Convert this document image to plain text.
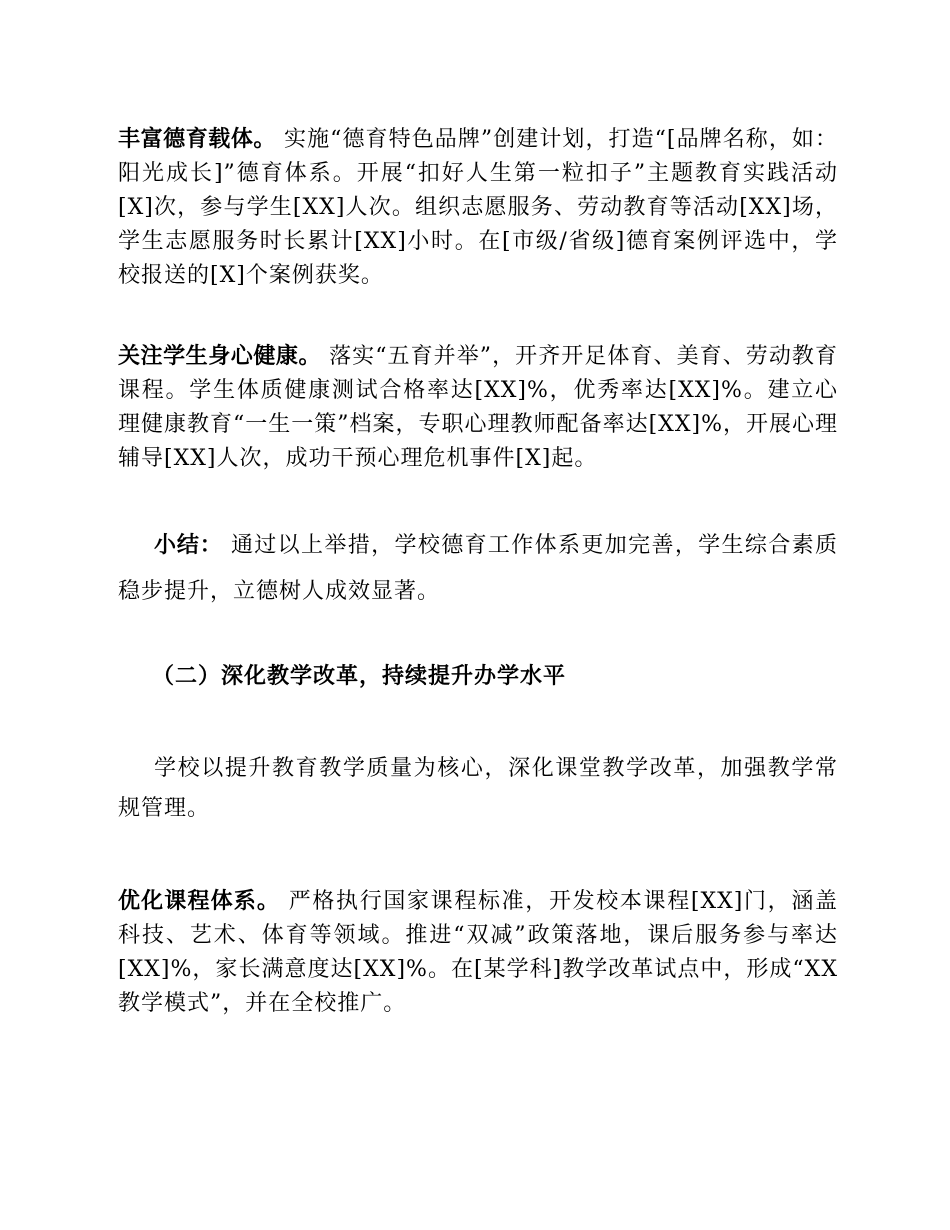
丰富德育载体。 实施“德育特色品牌”创建计划，打造“[品牌名称，如：阳光成长]”德育体系。开展“扣好人生第一粒扣子”主题教育实践活动[X]次，参与学生[XX]人次。组织志愿服务、劳动教育等活动[XX]场，学生志愿服务时长累计[XX]小时。在[市级/省级]德育案例评选中，学校报送的[X]个案例获奖。

关注学生身心健康。 落实“五育并举”，开齐开足体育、美育、劳动教育课程。学生体质健康测试合格率达[XX]%，优秀率达[XX]%。建立心理健康教育“一生一策”档案，专职心理教师配备率达[XX]%，开展心理辅导[XX]人次，成功干预心理危机事件[X]起。

小结： 通过以上举措，学校德育工作体系更加完善，学生综合素质稳步提升，立德树人成效显著。

（二）深化教学改革，持续提升办学水平

学校以提升教育教学质量为核心，深化课堂教学改革，加强教学常规管理。

优化课程体系。 严格执行国家课程标准，开发校本课程[XX]门，涵盖科技、艺术、体育等领域。推进“双减”政策落地，课后服务参与率达[XX]%，家长满意度达[XX]%。在[某学科]教学改革试点中，形成“XX 教学模式”，并在全校推广。
